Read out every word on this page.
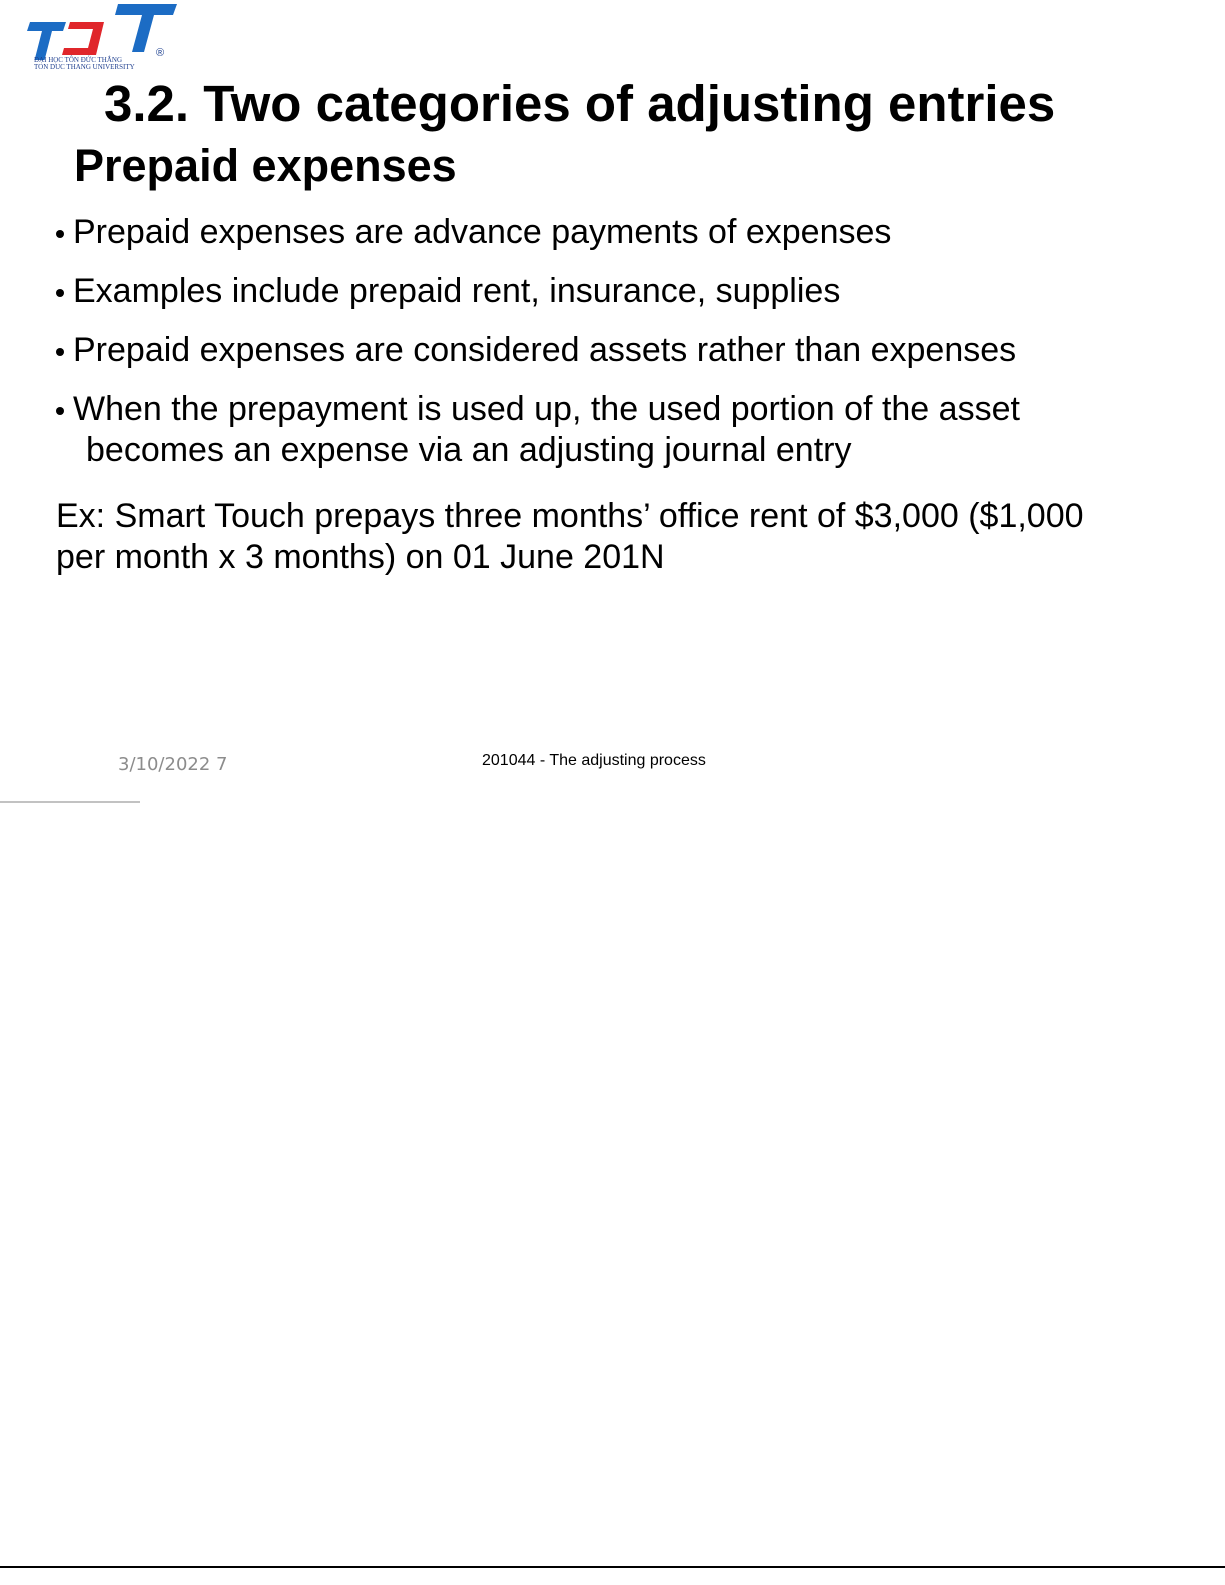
®
ĐẠI HỌC TÔN ĐỨC THẮNG
TON DUC THANG UNIVERSITY
3.2. Two categories of adjusting entries
Prepaid expenses
Prepaid expenses are advance payments of expenses
Examples include prepaid rent, insurance, supplies
Prepaid expenses are considered assets rather than expenses
When the prepayment is used up, the used portion of the asset
becomes an expense via an adjusting journal entry

Ex: Smart Touch prepays three months’ office rent of $3,000 ($1,000
per month x 3 months) on 01 June 201N

3/10/2022 7	201044 - The adjusting process
